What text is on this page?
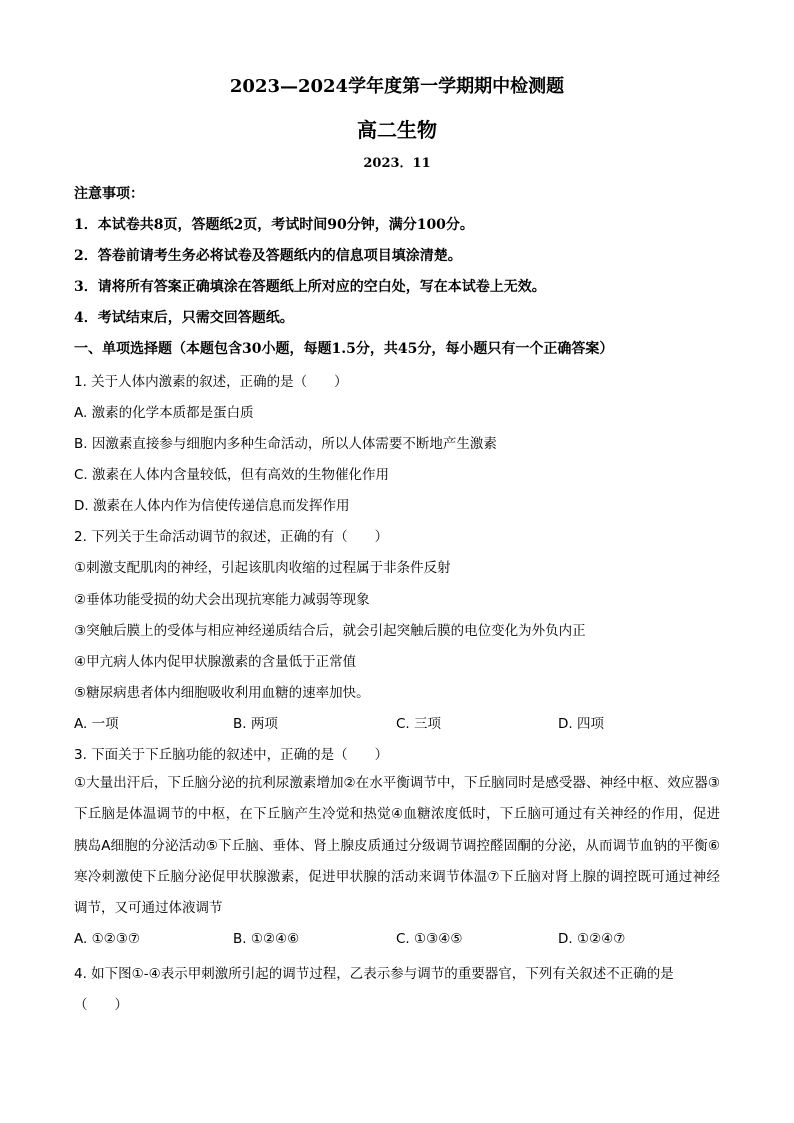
2023—2024学年度第一学期期中检测题
高二生物
2023．11
注意事项：
1．本试卷共8页，答题纸2页，考试时间90分钟，满分100分。
2．答卷前请考生务必将试卷及答题纸内的信息项目填涂清楚。
3．请将所有答案正确填涂在答题纸上所对应的空白处，写在本试卷上无效。
4．考试结束后，只需交回答题纸。
一、单项选择题（本题包含30小题，每题1.5分，共45分，每小题只有一个正确答案）
1. 关于人体内激素的叙述，正确的是（　　）
A. 激素的化学本质都是蛋白质
B. 因激素直接参与细胞内多种生命活动，所以人体需要不断地产生激素
C. 激素在人体内含量较低，但有高效的生物催化作用
D. 激素在人体内作为信使传递信息而发挥作用
2. 下列关于生命活动调节的叙述，正确的有（　　）
①刺激支配肌肉的神经，引起该肌肉收缩的过程属于非条件反射
②垂体功能受损的幼犬会出现抗寒能力减弱等现象
③突触后膜上的受体与相应神经递质结合后，就会引起突触后膜的电位变化为外负内正
④甲亢病人体内促甲状腺激素的含量低于正常值
⑤糖尿病患者体内细胞吸收利用血糖的速率加快。
A. 一项	B. 两项	C. 三项	D. 四项
3. 下面关于下丘脑功能的叙述中，正确的是（　　）
①大量出汗后，下丘脑分泌的抗利尿激素增加②在水平衡调节中，下丘脑同时是感受器、神经中枢、效应器③下丘脑是体温调节的中枢，在下丘脑产生冷觉和热觉④血糖浓度低时，下丘脑可通过有关神经的作用，促进胰岛A细胞的分泌活动⑤下丘脑、垂体、肾上腺皮质通过分级调节调控醛固酮的分泌，从而调节血钠的平衡⑥寒冷刺激使下丘脑分泌促甲状腺激素，促进甲状腺的活动来调节体温⑦下丘脑对肾上腺的调控既可通过神经调节，又可通过体液调节
A. ①②③⑦	B. ①②④⑥	C. ①③④⑤	D. ①②④⑦
4. 如下图①-④表示甲刺激所引起的调节过程，乙表示参与调节的重要器官，下列有关叙述不正确的是
（　　）
